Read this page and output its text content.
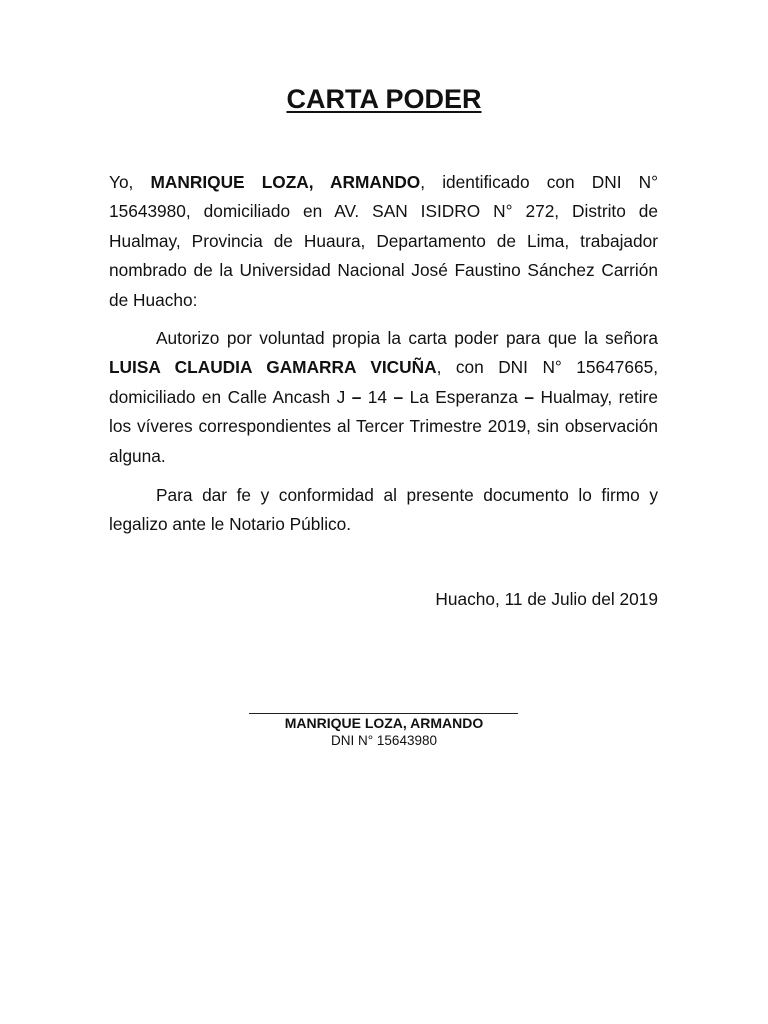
CARTA PODER

Yo, MANRIQUE LOZA, ARMANDO, identificado con DNI N° 15643980, domiciliado en AV. SAN ISIDRO N° 272, Distrito de Hualmay, Provincia de Huaura, Departamento de Lima, trabajador nombrado de la Universidad Nacional José Faustino Sánchez Carrión de Huacho:

Autorizo por voluntad propia la carta poder para que la señora LUISA CLAUDIA GAMARRA VICUÑA, con DNI N° 15647665, domiciliado en Calle Ancash J – 14 – La Esperanza – Hualmay, retire los víveres correspondientes al Tercer Trimestre 2019, sin observación alguna.

Para dar fe y conformidad al presente documento lo firmo y legalizo ante le Notario Público.

Huacho, 11 de Julio del 2019

MANRIQUE LOZA, ARMANDO

DNI N° 15643980
